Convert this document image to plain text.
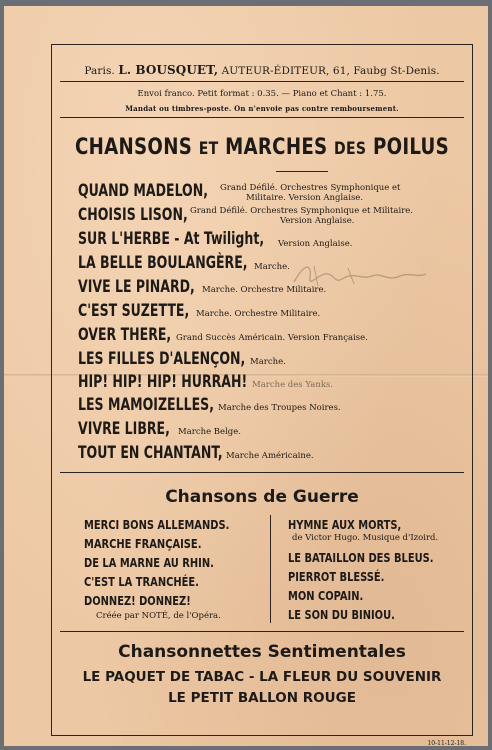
Paris. L. BOUSQUET, AUTEUR-ÉDITEUR, 61, Faubg St-Denis.
Envoi franco. Petit format : 0.35. — Piano et Chant : 1.75.
Mandat ou timbres-poste. On n'envoie pas contre remboursement.
CHANSONS ET MARCHES DES POILUS
QUAND MADELON, Grand Défilé. Orchestres Symphonique et
Militaire. Version Anglaise.
CHOISIS LISON, Grand Défilé. Orchestres Symphonique et Militaire.
Version Anglaise.
SUR L'HERBE - At Twilight, Version Anglaise.
LA BELLE BOULANGÈRE, Marche.
VIVE LE PINARD, Marche. Orchestre Militaire.
C'EST SUZETTE, Marche. Orchestre Militaire.
OVER THERE, Grand Succès Américain. Version Française.
LES FILLES D'ALENÇON, Marche.
HIP! HIP! HIP! HURRAH! Marche des Yanks.
LES MAMOIZELLES, Marche des Troupes Noires.
VIVRE LIBRE, Marche Belge.
TOUT EN CHANTANT, Marche Américaine.
Chansons de Guerre
MERCI BONS ALLEMANDS.
MARCHE FRANÇAISE.
DE LA MARNE AU RHIN.
C'EST LA TRANCHÉE.
DONNEZ! DONNEZ!
Créée par NOTÉ, de l'Opéra.
HYMNE AUX MORTS,
de Victor Hugo. Musique d'Izoird.
LE BATAILLON DES BLEUS.
PIERROT BLESSÉ.
MON COPAIN.
LE SON DU BINIOU.
Chansonnettes Sentimentales
LE PAQUET DE TABAC - LA FLEUR DU SOUVENIR
LE PETIT BALLON ROUGE
10-11-12-18.
